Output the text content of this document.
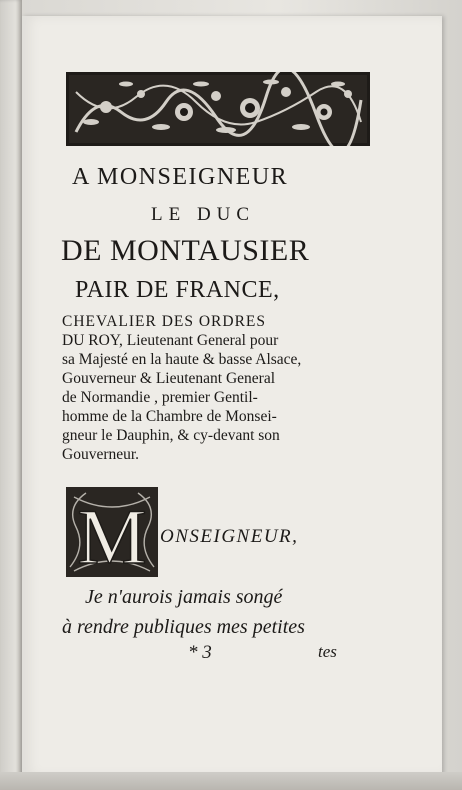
A MONSEIGNEUR
LE DUC
DE MONTAUSIER
PAIR DE FRANCE,
CHEVALIER DES ORDRES
DU ROY, Lieutenant General pour
sa Majesté en la haute & basse Alsace,
Gouverneur & Lieutenant General
de Normandie , premier Gentil-
homme de la Chambre de Monsei-
gneur le Dauphin, & cy-devant son
Gouverneur.
M ONSEIGNEUR,
Je n'aurois jamais songé
à rendre publiques mes petites
* 3	tes
